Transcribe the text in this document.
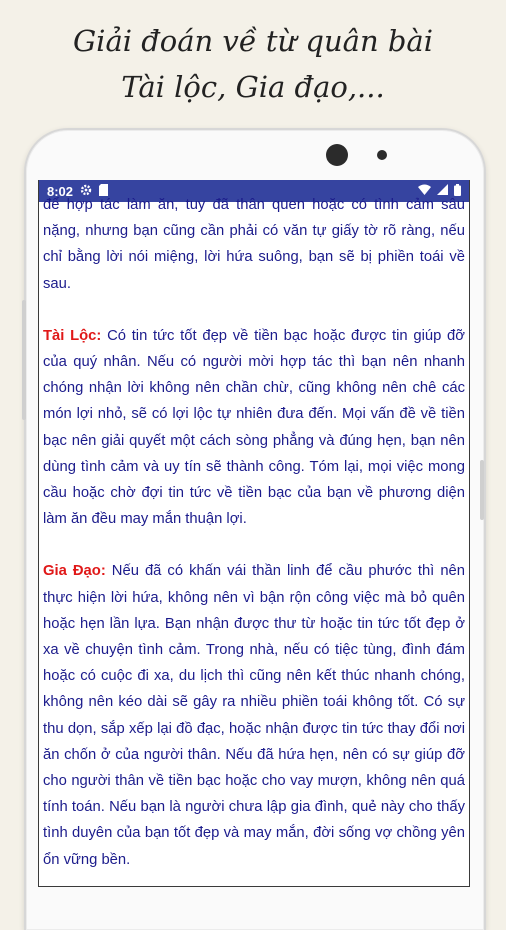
Giải đoán về từ quân bài
Tài lộc, Gia đạo,...
8:02

để hợp tác làm ăn, tuy đã thân quen hoặc có tình cảm sâu nặng, nhưng bạn cũng cần phải có văn tự giấy tờ rõ ràng, nếu chỉ bằng lời nói miệng, lời hứa suông, bạn sẽ bị phiền toái về sau.

Tài Lộc: Có tin tức tốt đẹp về tiền bạc hoặc được tin giúp đỡ của quý nhân. Nếu có người mời hợp tác thì bạn nên nhanh chóng nhận lời không nên chần chừ, cũng không nên chê các món lợi nhỏ, sẽ có lợi lộc tự nhiên đưa đến. Mọi vấn đề về tiền bạc nên giải quyết một cách sòng phẳng và đúng hẹn, bạn nên dùng tình cảm và uy tín sẽ thành công. Tóm lại, mọi việc mong cầu hoặc chờ đợi tin tức về tiền bạc của bạn về phương diện làm ăn đều may mắn thuận lợi.

Gia Đạo: Nếu đã có khấn vái thần linh để cầu phước thì nên thực hiện lời hứa, không nên vì bận rộn công việc mà bỏ quên hoặc hẹn lần lựa. Bạn nhận được thư từ hoặc tin tức tốt đẹp ở xa về chuyện tình cảm. Trong nhà, nếu có tiệc tùng, đình đám hoặc có cuộc đi xa, du lịch thì cũng nên kết thúc nhanh chóng, không nên kéo dài sẽ gây ra nhiều phiền toái không tốt. Có sự thu dọn, sắp xếp lại đồ đạc, hoặc nhận được tin tức thay đổi nơi ăn chốn ở của người thân. Nếu đã hứa hẹn, nên có sự giúp đỡ cho người thân về tiền bạc hoặc cho vay mượn, không nên quá tính toán. Nếu bạn là người chưa lập gia đình, quẻ này cho thấy tình duyên của bạn tốt đẹp và may mắn, đời sống vợ chồng yên ổn vững bền.
